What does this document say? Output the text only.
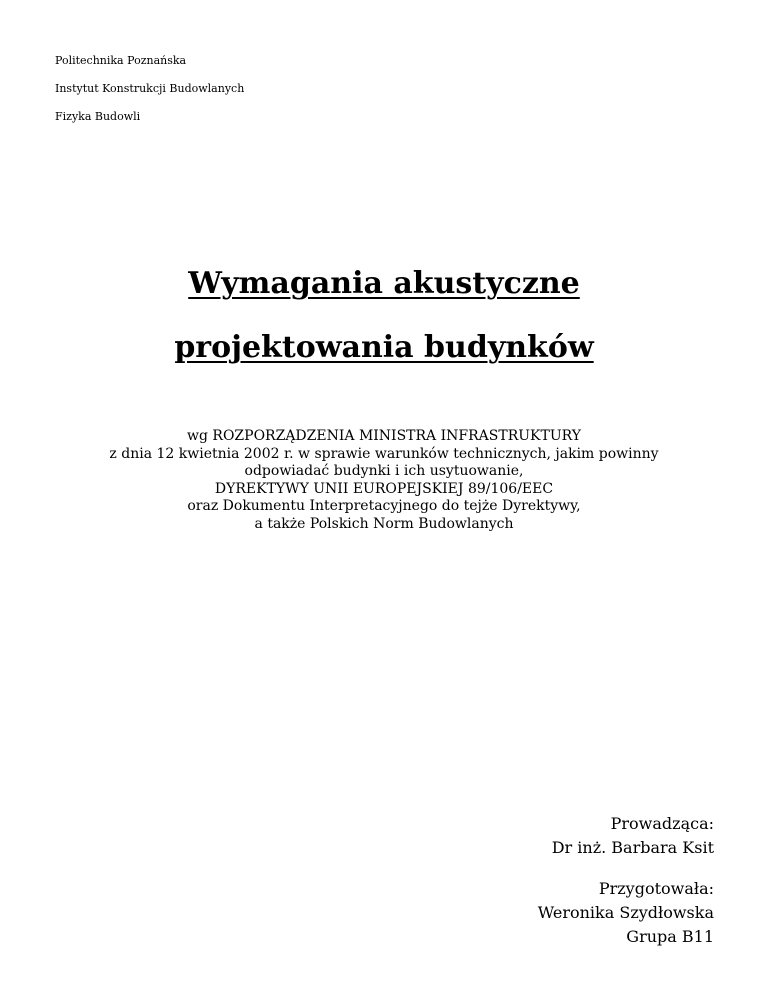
Politechnika Poznańska
Instytut Konstrukcji Budowlanych
Fizyka Budowli
Wymagania akustyczne
projektowania budynków
wg ROZPORZĄDZENIA MINISTRA INFRASTRUKTURY
z dnia 12 kwietnia 2002 r. w sprawie warunków technicznych, jakim powinny
odpowiadać budynki i ich usytuowanie,
DYREKTYWY UNII EUROPEJSKIEJ 89/106/EEC
oraz Dokumentu Interpretacyjnego do tejże Dyrektywy,
a także Polskich Norm Budowlanych
Prowadząca:
Dr inż. Barbara Ksit
Przygotowała:
Weronika Szydłowska
Grupa B11
